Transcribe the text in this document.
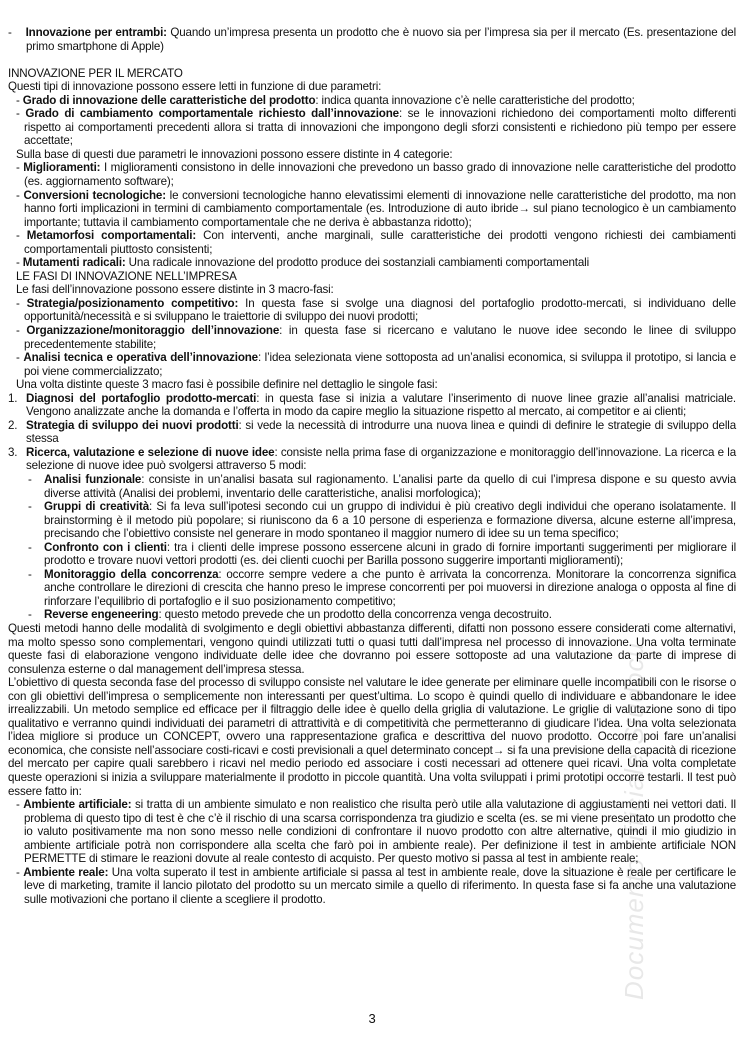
Documento ufficiale Studocu

-    Innovazione per entrambi: Quando un’impresa presenta un prodotto che è nuovo sia per l’impresa sia per il mercato (Es. presentazione del primo smartphone di Apple)

INNOVAZIONE PER IL MERCATO

Questi tipi di innovazione possono essere letti in funzione di due parametri:

- Grado di innovazione delle caratteristiche del prodotto: indica quanta innovazione c’è nelle caratteristiche del prodotto;

- Grado di cambiamento comportamentale richiesto dall’innovazione: se le innovazioni richiedono dei comportamenti molto differenti rispetto ai comportamenti precedenti allora si tratta di innovazioni che impongono degli sforzi consistenti e richiedono più tempo per essere accettate;

Sulla base di questi due parametri le innovazioni possono essere distinte in 4 categorie:

- Miglioramenti: I miglioramenti consistono in delle innovazioni che prevedono un basso grado di innovazione nelle caratteristiche del prodotto (es. aggiornamento software);

- Conversioni tecnologiche: le conversioni tecnologiche hanno elevatissimi elementi di innovazione nelle caratteristiche del prodotto, ma non hanno forti implicazioni in termini di cambiamento comportamentale (es. Introduzione di auto ibride→ sul piano tecnologico è un cambiamento importante; tuttavia il cambiamento comportamentale che ne deriva è abbastanza ridotto);

- Metamorfosi comportamentali: Con interventi, anche marginali, sulle caratteristiche dei prodotti vengono richiesti dei cambiamenti comportamentali piuttosto consistenti;

- Mutamenti radicali: Una radicale innovazione del prodotto produce dei sostanziali cambiamenti comportamentali

LE FASI DI INNOVAZIONE NELL’IMPRESA

Le fasi dell’innovazione possono essere distinte in 3 macro-fasi:

- Strategia/posizionamento competitivo: In questa fase si svolge una diagnosi del portafoglio prodotto-mercati, si individuano delle opportunità/necessità e si sviluppano le traiettorie di sviluppo dei nuovi prodotti;

- Organizzazione/monitoraggio dell’innovazione: in questa fase si ricercano e valutano le nuove idee secondo le linee di sviluppo precedentemente stabilite;

- Analisi tecnica e operativa dell’innovazione: l’idea selezionata viene sottoposta ad un’analisi economica, si sviluppa il prototipo, si lancia e poi viene commercializzato;

Una volta distinte queste 3 macro fasi è possibile definire nel dettaglio le singole fasi:

1. Diagnosi del portafoglio prodotto-mercati: in questa fase si inizia a valutare l’inserimento di nuove linee grazie all’analisi matriciale. Vengono analizzate anche la domanda e l’offerta in modo da capire meglio la situazione rispetto al mercato, ai competitor e ai clienti;

2. Strategia di sviluppo dei nuovi prodotti: si vede la necessità di introdurre una nuova linea e quindi di definire le strategie di sviluppo della stessa

3. Ricerca, valutazione e selezione di nuove idee: consiste nella prima fase di organizzazione e monitoraggio dell’innovazione. La ricerca e la selezione di nuove idee può svolgersi attraverso 5 modi:

- Analisi funzionale: consiste in un’analisi basata sul ragionamento. L’analisi parte da quello di cui l’impresa dispone e su questo avvia diverse attività (Analisi dei problemi, inventario delle caratteristiche, analisi morfologica);

- Gruppi di creatività: Si fa leva sull’ipotesi secondo cui un gruppo di individui è più creativo degli individui che operano isolatamente. Il brainstorming è il metodo più popolare; si riuniscono da 6 a 10 persone di esperienza e formazione diversa, alcune esterne all’impresa, precisando che l’obiettivo consiste nel generare in modo spontaneo il maggior numero di idee su un tema specifico;

- Confronto con i clienti: tra i clienti delle imprese possono essercene alcuni in grado di fornire importanti suggerimenti per migliorare il prodotto e trovare nuovi vettori prodotti (es. dei clienti cuochi per Barilla possono suggerire importanti miglioramenti);

- Monitoraggio della concorrenza: occorre sempre vedere a che punto è arrivata la concorrenza. Monitorare la concorrenza significa anche controllare le direzioni di crescita che hanno preso le imprese concorrenti per poi muoversi in direzione analoga o opposta al fine di rinforzare l’equilibrio di portafoglio e il suo posizionamento competitivo;

- Reverse engeneering: questo metodo prevede che un prodotto della concorrenza venga decostruito.

Questi metodi hanno delle modalità di svolgimento e degli obiettivi abbastanza differenti, difatti non possono essere considerati come alternativi, ma molto spesso sono complementari, vengono quindi utilizzati tutti o quasi tutti dall’impresa nel processo di innovazione. Una volta terminate queste fasi di elaborazione vengono individuate delle idee che dovranno poi essere sottoposte ad una valutazione da parte di imprese di consulenza esterne o dal management dell’impresa stessa.

L’obiettivo di questa seconda fase del processo di sviluppo consiste nel valutare le idee generate per eliminare quelle incompatibili con le risorse o con gli obiettivi dell’impresa o semplicemente non interessanti per quest’ultima. Lo scopo è quindi quello di individuare e abbandonare le idee irrealizzabili. Un metodo semplice ed efficace per il filtraggio delle idee è quello della griglia di valutazione. Le griglie di valutazione sono di tipo qualitativo e verranno quindi individuati dei parametri di attrattività e di competitività che permetteranno di giudicare l’idea. Una volta selezionata l’idea migliore si produce un CONCEPT, ovvero una rappresentazione grafica e descrittiva del nuovo prodotto. Occorre poi fare un’analisi economica, che consiste nell’associare costi-ricavi e costi previsionali a quel determinato concept→ si fa una previsione della capacità di ricezione del mercato per capire quali sarebbero i ricavi nel medio periodo ed associare i costi necessari ad ottenere quei ricavi. Una volta completate queste operazioni si inizia a sviluppare materialmente il prodotto in piccole quantità. Una volta sviluppati i primi prototipi occorre testarli. Il test può essere fatto in:

- Ambiente artificiale: si tratta di un ambiente simulato e non realistico che risulta però utile alla valutazione di aggiustamenti nei vettori dati. Il problema di questo tipo di test è che c’è il rischio di una scarsa corrispondenza tra giudizio e scelta (es. se mi viene presentato un prodotto che io valuto positivamente ma non sono messo nelle condizioni di confrontare il nuovo prodotto con altre alternative, quindi il mio giudizio in ambiente artificiale potrà non corrispondere alla scelta che farò poi in ambiente reale). Per definizione il test in ambiente artificiale NON PERMETTE di stimare le reazioni dovute al reale contesto di acquisto. Per questo motivo si passa al test in ambiente reale;

- Ambiente reale: Una volta superato il test in ambiente artificiale si passa al test in ambiente reale, dove la situazione è reale per certificare le leve di marketing, tramite il lancio pilotato del prodotto su un mercato simile a quello di riferimento. In questa fase si fa anche una valutazione sulle motivazioni che portano il cliente a scegliere il prodotto.

3
